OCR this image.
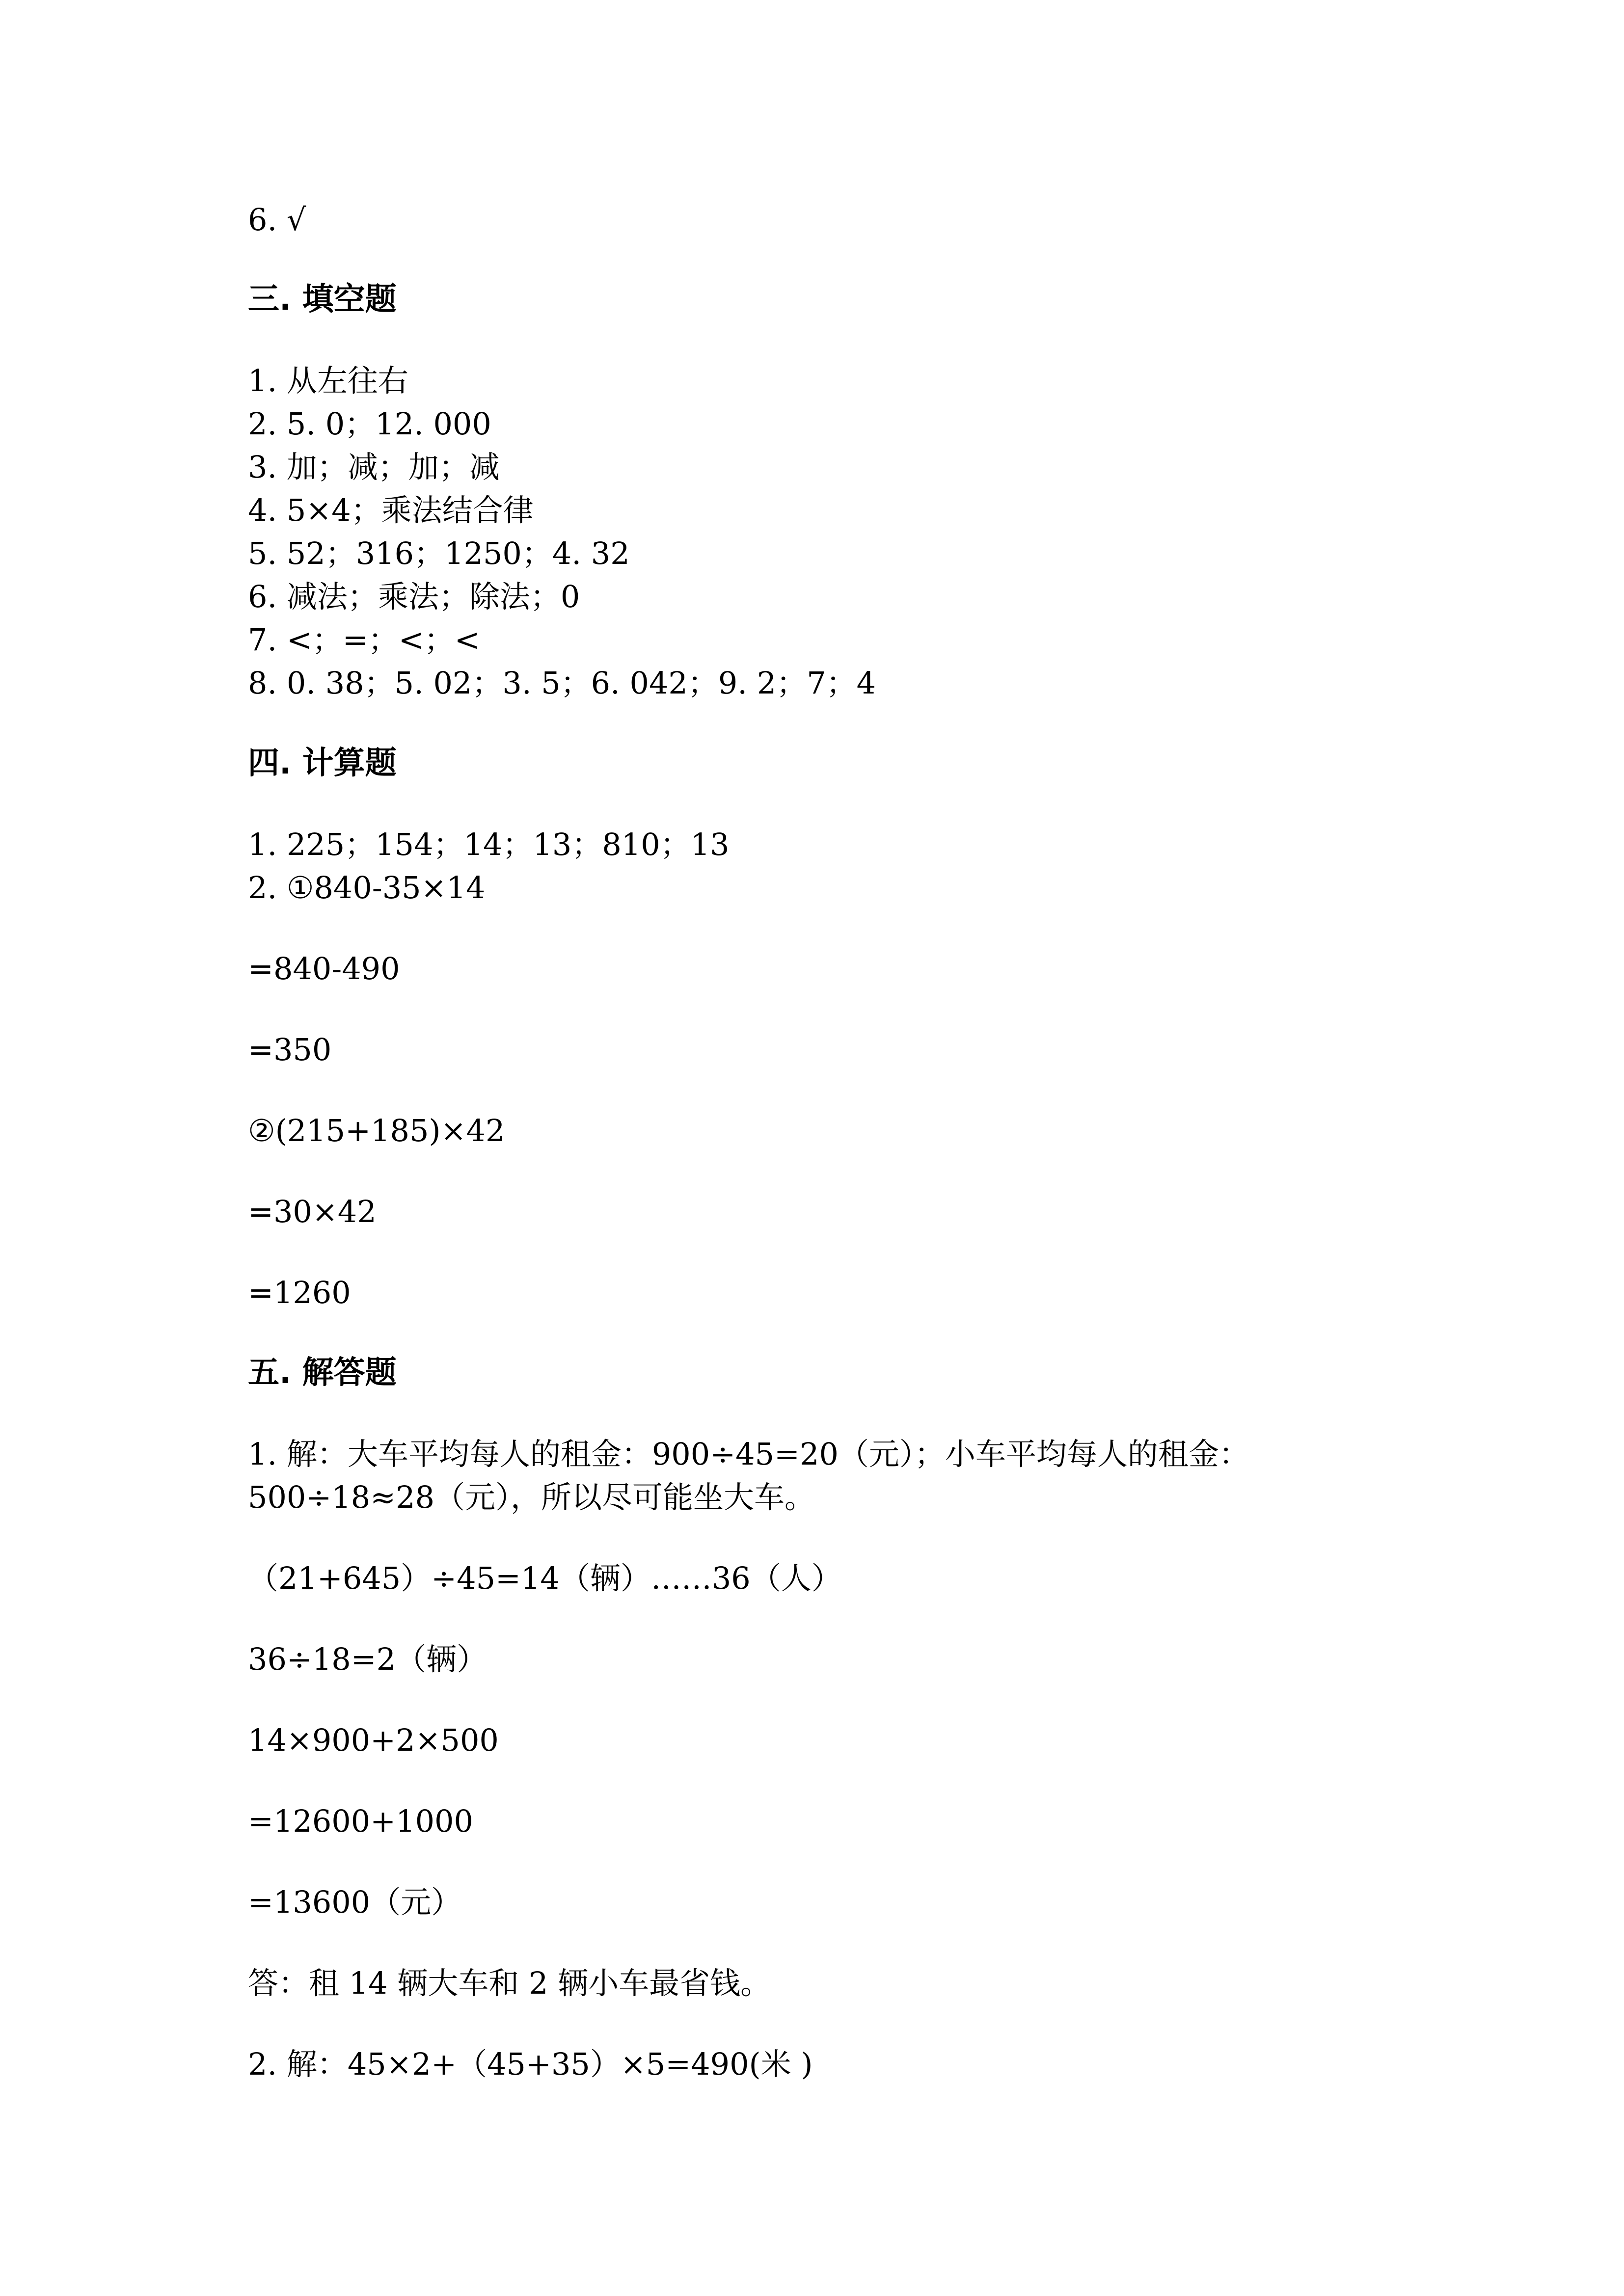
6. √
三. 填空题
1. 从左往右
2. 5. 0；12. 000
3. 加；减；加；减
4. 5×4；乘法结合律
5. 52；316；1250；4. 32
6. 减法；乘法；除法；0
7. <；=；<；<
8. 0. 38；5. 02；3. 5；6. 042；9. 2；7；4
四. 计算题
1. 225；154；14；13；810；13
2. ①840-35×14
=840-490
=350
②(215+185)×42
=30×42
=1260
五. 解答题
1. 解：大车平均每人的租金：900÷45=20（元）；小车平均每人的租金：
500÷18≈28（元），所以尽可能坐大车。
（21+645）÷45=14（辆）……36（人）
36÷18=2（辆）
14×900+2×500
=12600+1000
=13600（元）
答：租 14 辆大车和 2 辆小车最省钱。
2. 解：45×2+（45+35）×5=490(米 )
